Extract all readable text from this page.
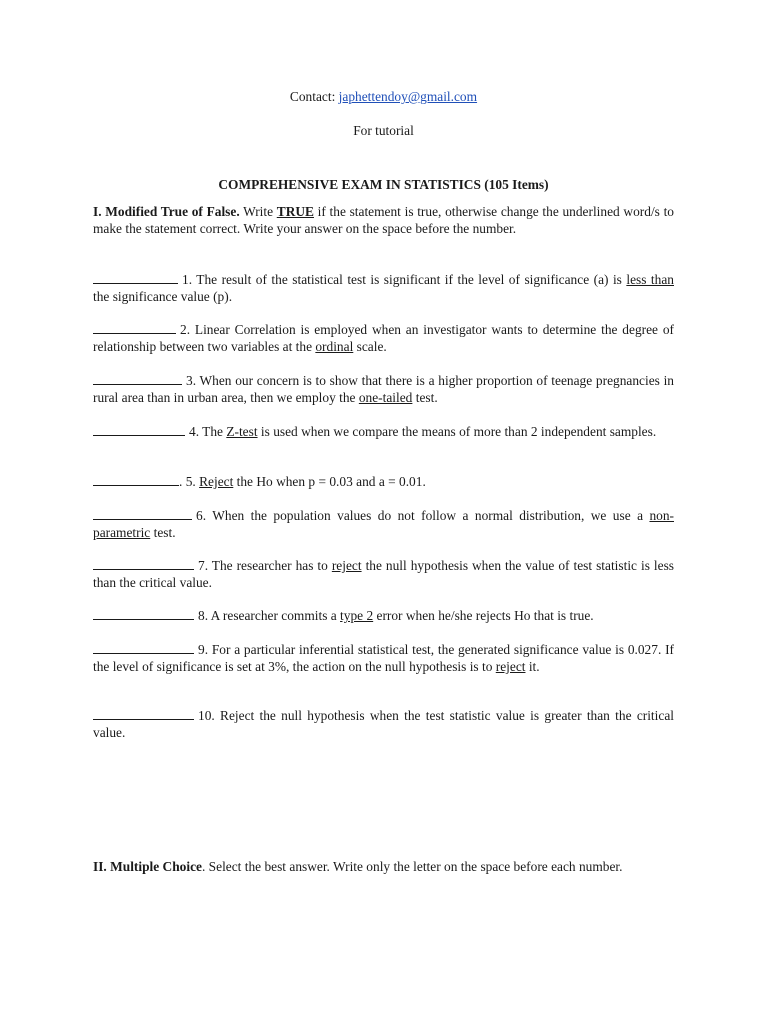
Contact: japhettendoy@gmail.com
For tutorial
COMPREHENSIVE EXAM IN STATISTICS (105 Items)
I. Modified True of False. Write TRUE if the statement is true, otherwise change the underlined word/s to make the statement correct. Write your answer on the space before the number.
1. The result of the statistical test is significant if the level of significance (a) is less than the significance value (p).
2. Linear Correlation is employed when an investigator wants to determine the degree of relationship between two variables at the ordinal scale.
3. When our concern is to show that there is a higher proportion of teenage pregnancies in rural area than in urban area, then we employ the one-tailed test.
4. The Z-test is used when we compare the means of more than 2 independent samples.
. 5. Reject the Ho when p = 0.03 and a = 0.01.
6. When the population values do not follow a normal distribution, we use a non-parametric test.
7. The researcher has to reject the null hypothesis when the value of test statistic is less than the critical value.
8. A researcher commits a type 2 error when he/she rejects Ho that is true.
9. For a particular inferential statistical test, the generated significance value is 0.027. If the level of significance is set at 3%, the action on the null hypothesis is to reject it.
10. Reject the null hypothesis when the test statistic value is greater than the critical value.
II. Multiple Choice. Select the best answer. Write only the letter on the space before each number.
